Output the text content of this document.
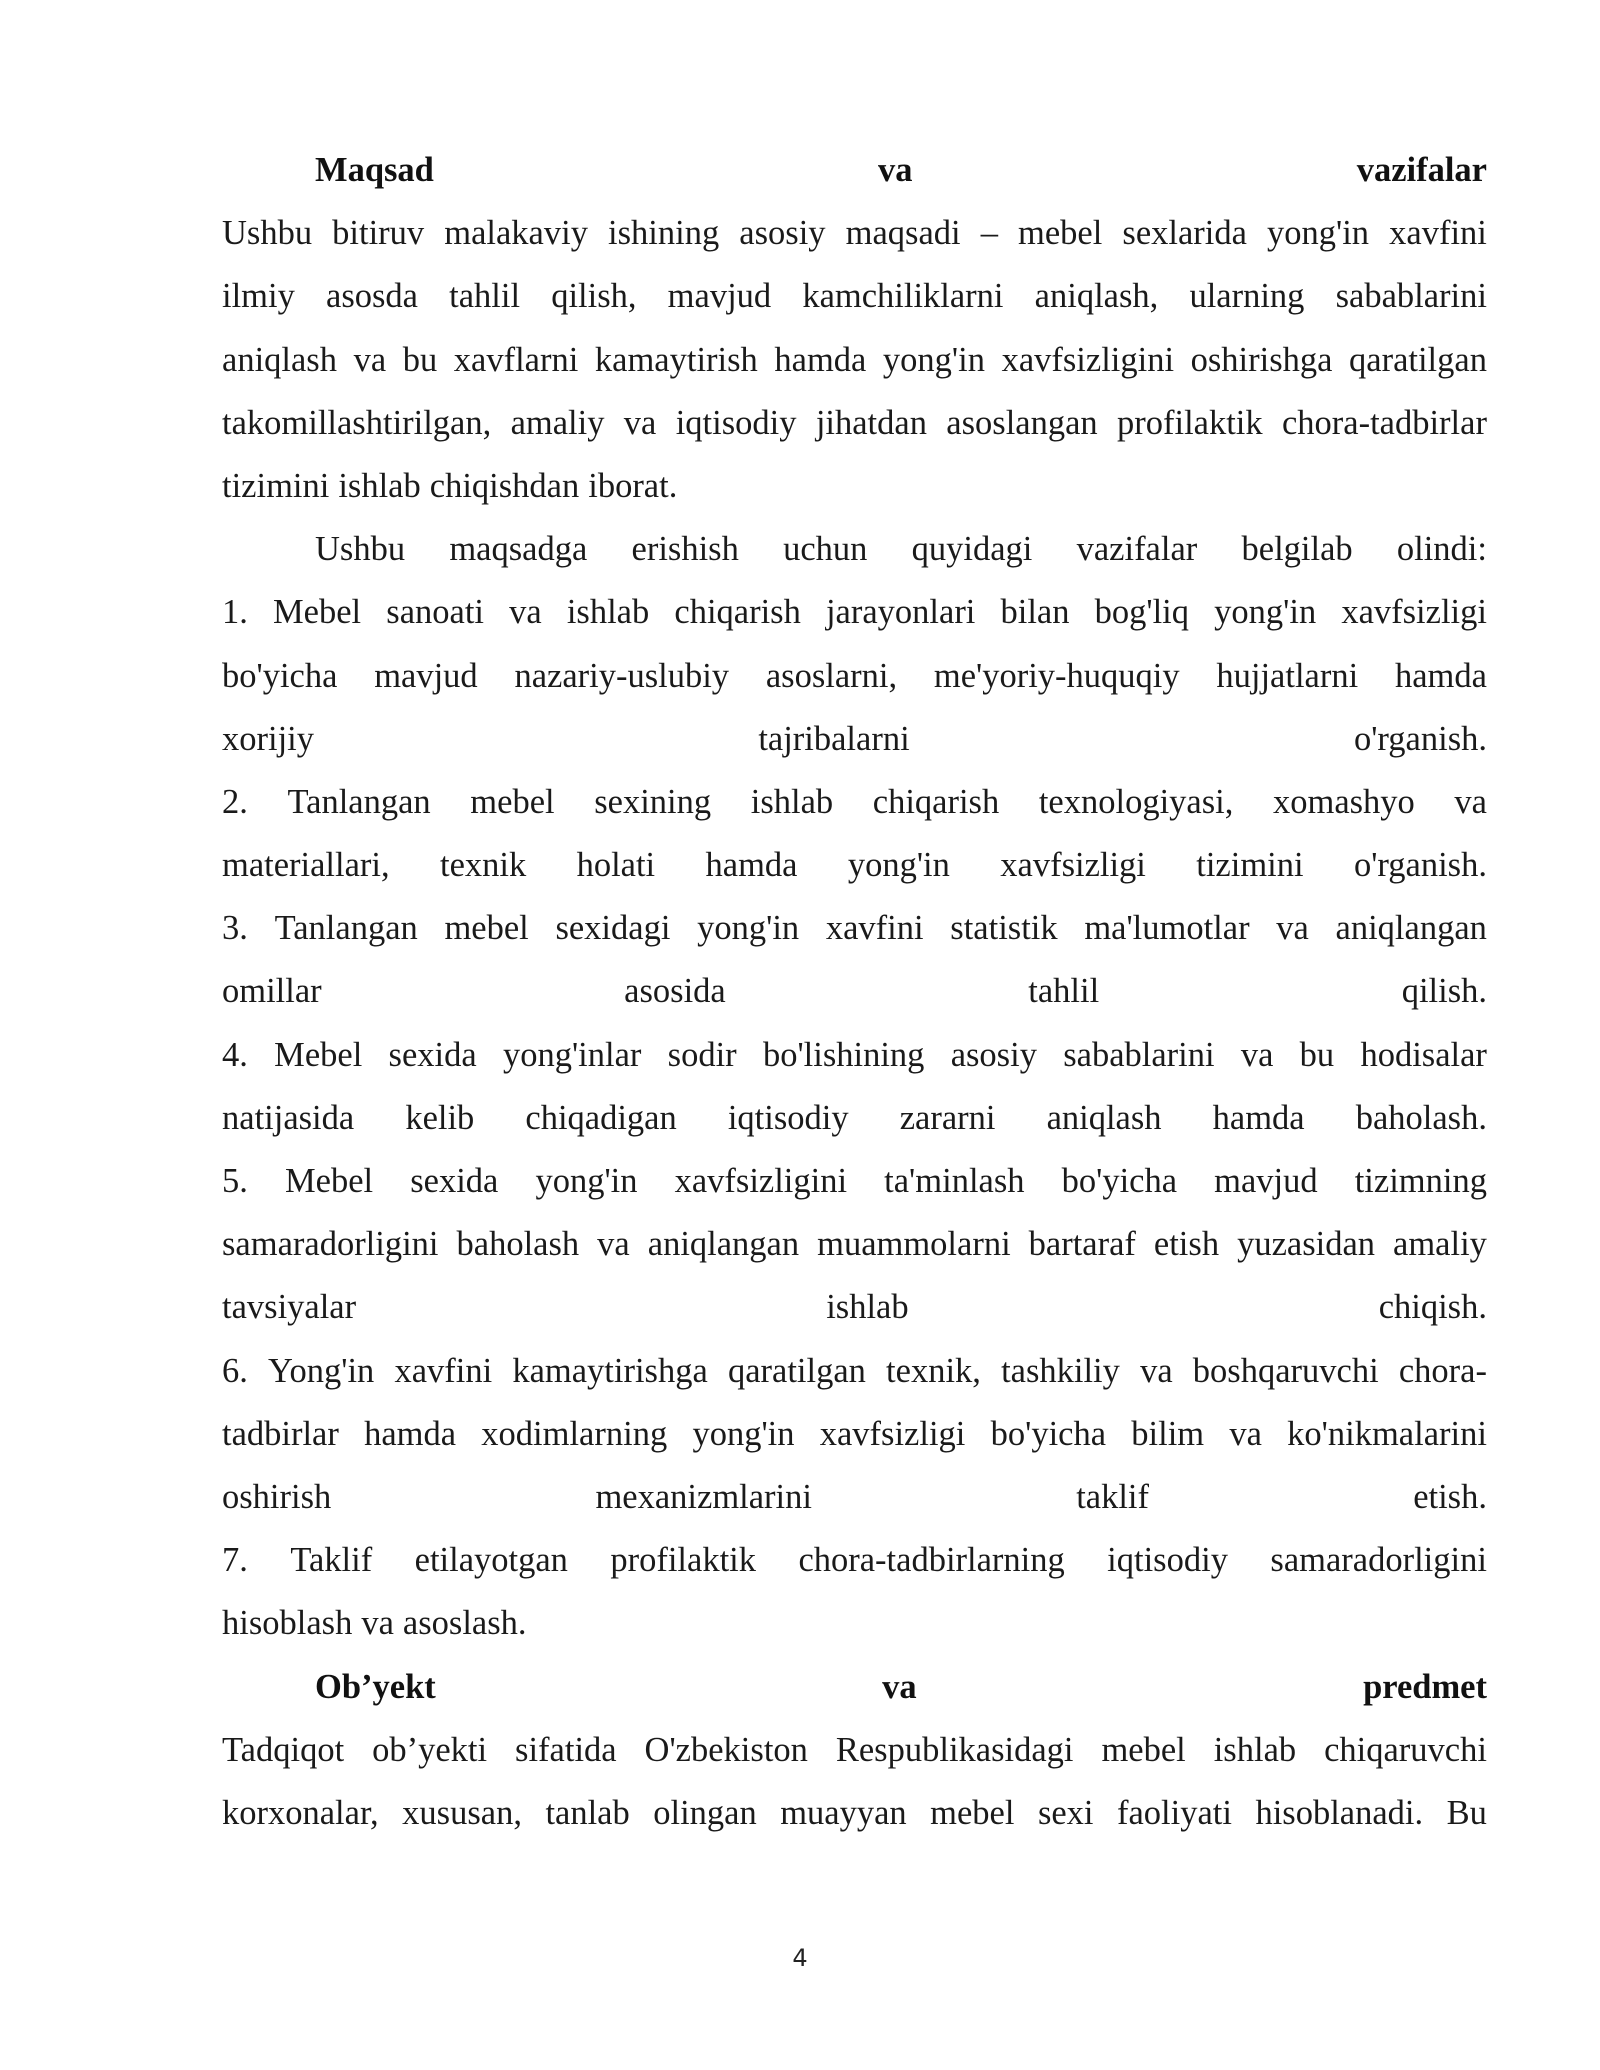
Maqsad	va	vazifalar
Ushbu bitiruv malakaviy ishining asosiy maqsadi – mebel sexlarida yong'in xavfini
ilmiy asosda tahlil qilish, mavjud kamchiliklarni aniqlash, ularning sabablarini
aniqlash va bu xavflarni kamaytirish hamda yong'in xavfsizligini oshirishga qaratilgan
takomillashtirilgan, amaliy va iqtisodiy jihatdan asoslangan profilaktik chora-tadbirlar
tizimini ishlab chiqishdan iborat.
Ushbu maqsadga erishish uchun quyidagi vazifalar belgilab olindi:
1. Mebel sanoati va ishlab chiqarish jarayonlari bilan bog'liq yong'in xavfsizligi
bo'yicha mavjud nazariy-uslubiy asoslarni, me'yoriy-huquqiy hujjatlarni hamda
xorijiy	tajribalarni	o'rganish.
2. Tanlangan mebel sexining ishlab chiqarish texnologiyasi, xomashyo va
materiallari, texnik holati hamda yong'in xavfsizligi tizimini o'rganish.
3. Tanlangan mebel sexidagi yong'in xavfini statistik ma'lumotlar va aniqlangan
omillar	asosida	tahlil	qilish.
4. Mebel sexida yong'inlar sodir bo'lishining asosiy sabablarini va bu hodisalar
natijasida kelib chiqadigan iqtisodiy zararni aniqlash hamda baholash.
5. Mebel sexida yong'in xavfsizligini ta'minlash bo'yicha mavjud tizimning
samaradorligini baholash va aniqlangan muammolarni bartaraf etish yuzasidan amaliy
tavsiyalar	ishlab	chiqish.
6. Yong'in xavfini kamaytirishga qaratilgan texnik, tashkiliy va boshqaruvchi chora-
tadbirlar hamda xodimlarning yong'in xavfsizligi bo'yicha bilim va ko'nikmalarini
oshirish	mexanizmlarini	taklif	etish.
7. Taklif etilayotgan profilaktik chora-tadbirlarning iqtisodiy samaradorligini
hisoblash va asoslash.
Ob’yekt	va	predmet
Tadqiqot ob’yekti sifatida O'zbekiston Respublikasidagi mebel ishlab chiqaruvchi
korxonalar, xususan, tanlab olingan muayyan mebel sexi faoliyati hisoblanadi. Bu
4
